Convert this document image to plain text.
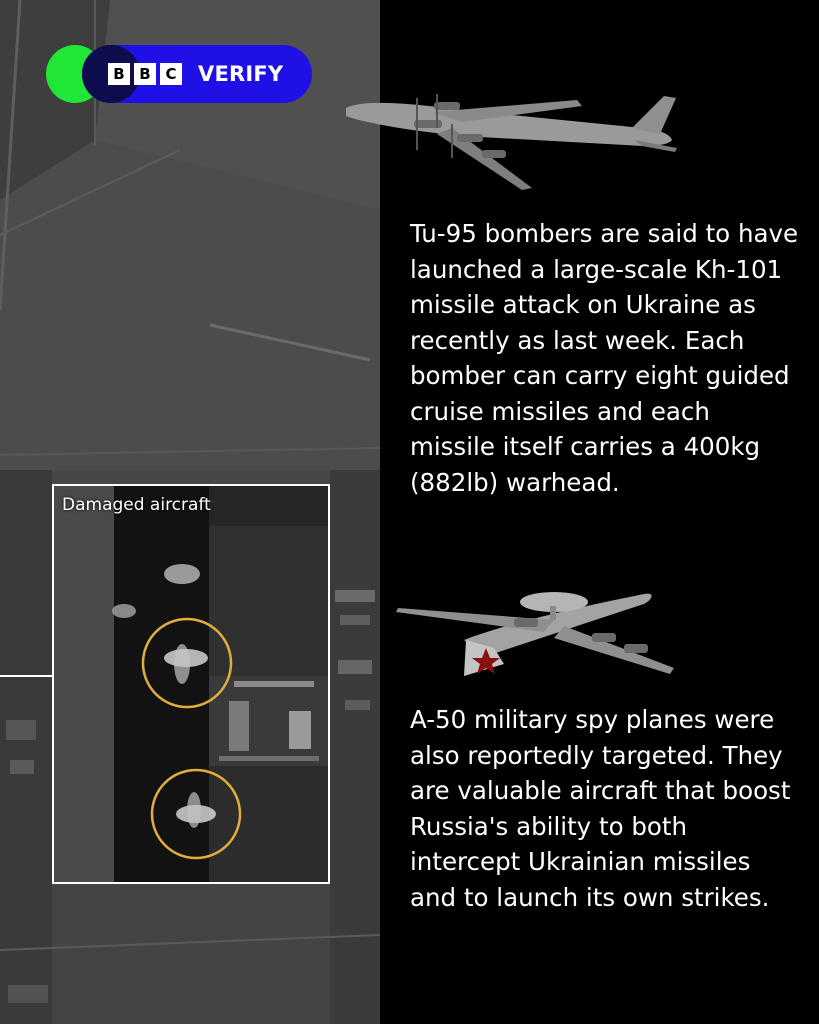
B B C VERIFY
Damaged aircraft

Tu-95 bombers are said to have launched a large-scale Kh-101 missile attack on Ukraine as recently as last week. Each bomber can carry eight guided cruise missiles and each missile itself carries a 400kg (882lb) warhead.

A-50 military spy planes were also reportedly targeted. They are valuable aircraft that boost Russia's ability to both intercept Ukrainian missiles and to launch its own strikes.
